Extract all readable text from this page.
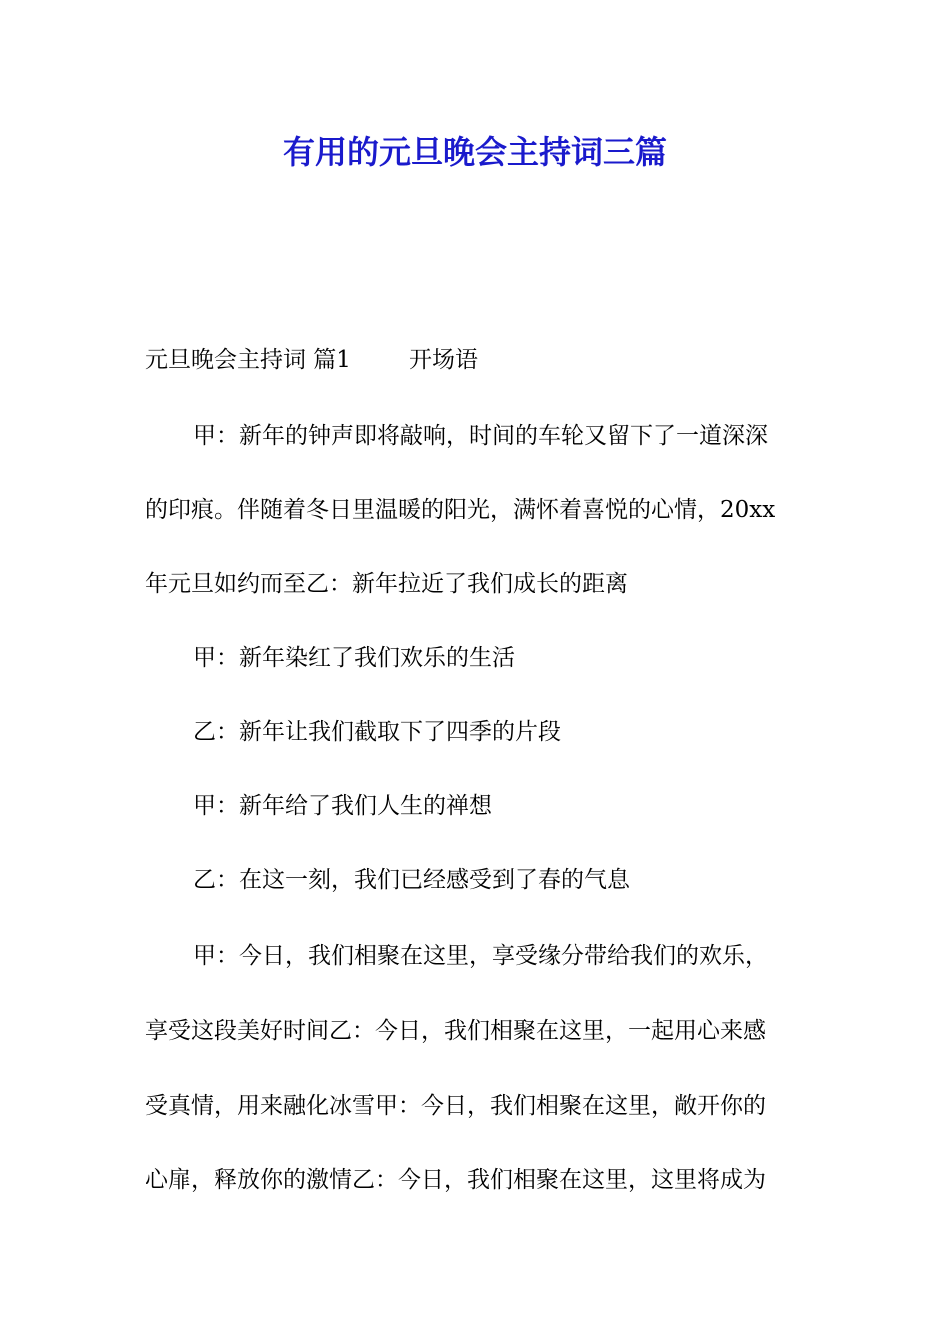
有用的元旦晚会主持词三篇
元旦晚会主持词 篇1	开场语
甲：新年的钟声即将敲响，时间的车轮又留下了一道深深
的印痕。伴随着冬日里温暖的阳光，满怀着喜悦的心情，20xx
年元旦如约而至乙：新年拉近了我们成长的距离
甲：新年染红了我们欢乐的生活
乙：新年让我们截取下了四季的片段
甲：新年给了我们人生的禅想
乙：在这一刻，我们已经感受到了春的气息
甲：今日，我们相聚在这里，享受缘分带给我们的欢乐，
享受这段美好时间乙：今日，我们相聚在这里，一起用心来感
受真情，用来融化冰雪甲：今日，我们相聚在这里，敞开你的
心扉，释放你的激情乙：今日，我们相聚在这里，这里将成为
